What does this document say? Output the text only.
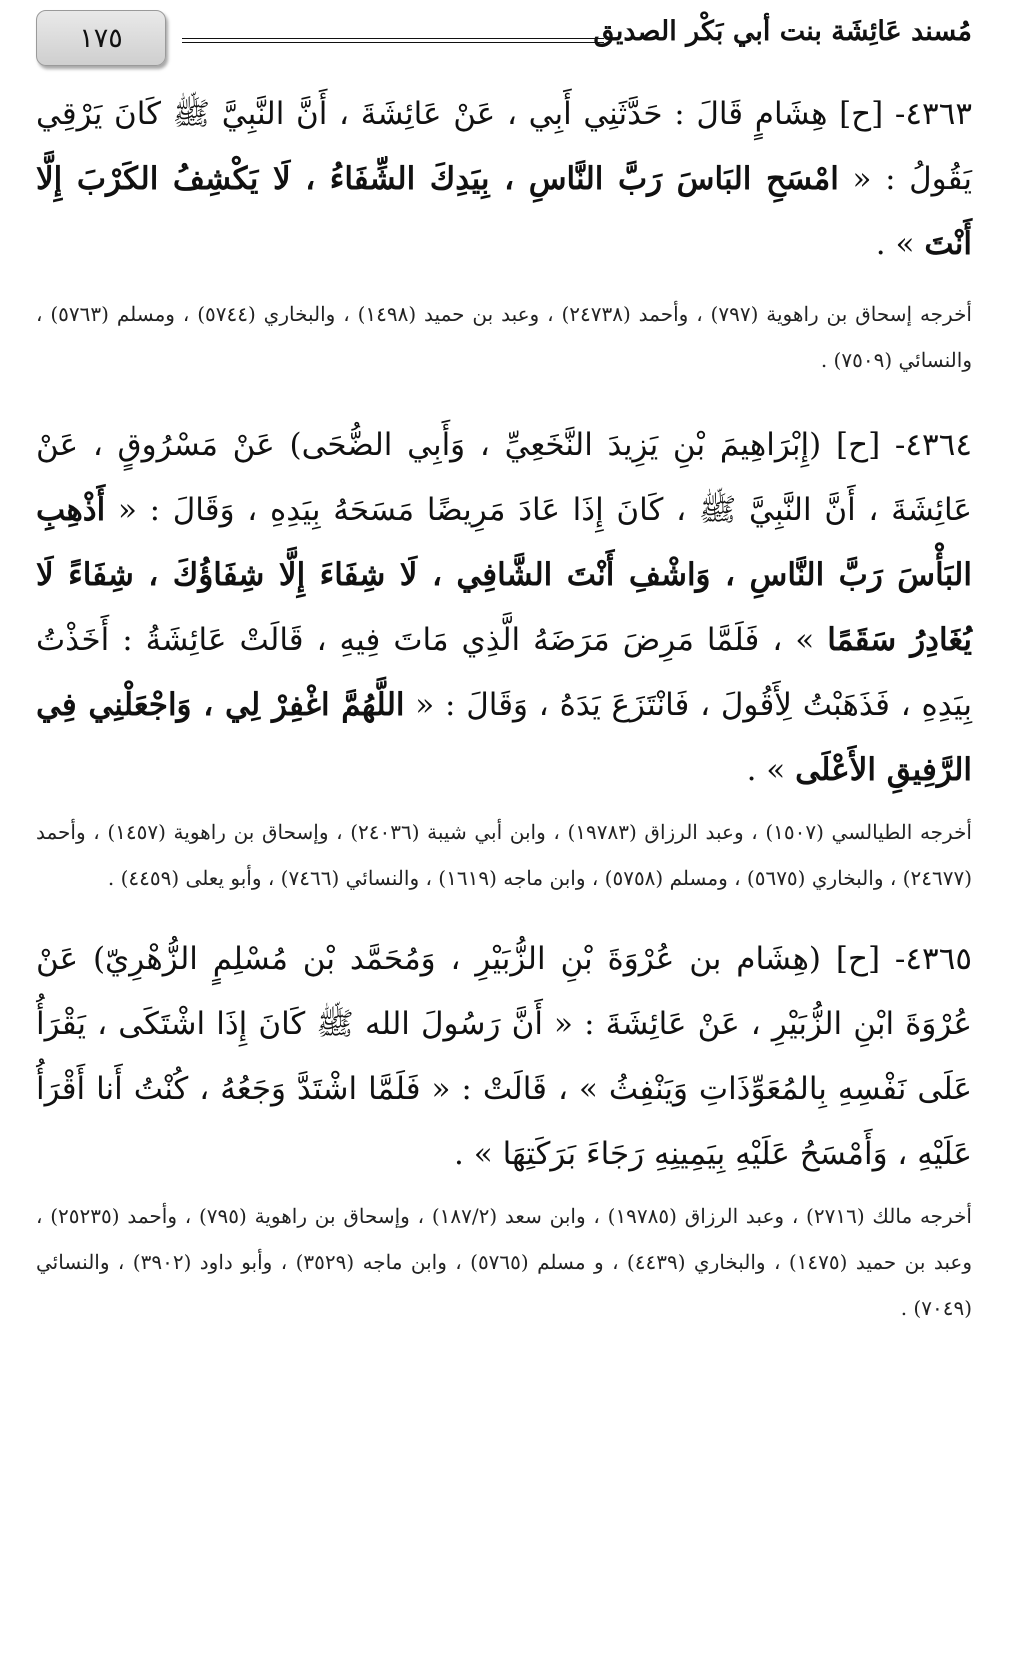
١٧٥	مُسند عَائِشَة بنت أبي بَكْر الصديق

٤٣٦٣- [ح] هِشَامٍ قَالَ : حَدَّثَنِي أَبِي ، عَنْ عَائِشَةَ ، أَنَّ النَّبِيَّ ﷺ كَانَ يَرْقِي يَقُولُ : « امْسَحِ البَاسَ رَبَّ النَّاسِ ، بِيَدِكَ الشِّفَاءُ ، لَا يَكْشِفُ الكَرْبَ إِلَّا أَنْتَ » .

أخرجه إسحاق بن راهوية (٧٩٧) ، وأحمد (٢٤٧٣٨) ، وعبد بن حميد (١٤٩٨) ، والبخاري (٥٧٤٤) ، ومسلم (٥٧٦٣) ، والنسائي (٧٥٠٩) .

٤٣٦٤- [ح] (إِبْرَاهِيمَ بْنِ يَزِيدَ النَّخَعِيِّ ، وَأَبِي الضُّحَى) عَنْ مَسْرُوقٍ ، عَنْ عَائِشَةَ ، أَنَّ النَّبِيَّ ﷺ ، كَانَ إِذَا عَادَ مَرِيضًا مَسَحَهُ بِيَدِهِ ، وَقَالَ : « أَذْهِبِ البَأْسَ رَبَّ النَّاسِ ، وَاشْفِ أَنْتَ الشَّافِي ، لَا شِفَاءَ إِلَّا شِفَاؤُكَ ، شِفَاءً لَا يُغَادِرُ سَقَمًا » ، فَلَمَّا مَرِضَ مَرَضَهُ الَّذِي مَاتَ فِيهِ ، قَالَتْ عَائِشَةُ : أَخَذْتُ بِيَدِهِ ، فَذَهَبْتُ لِأَقُولَ ، فَانْتَزَعَ يَدَهُ ، وَقَالَ : « اللَّهُمَّ اغْفِرْ لِي ، وَاجْعَلْنِي فِي الرَّفِيقِ الأَعْلَى » .

أخرجه الطيالسي (١٥٠٧) ، وعبد الرزاق (١٩٧٨٣) ، وابن أبي شيبة (٢٤٠٣٦) ، وإسحاق بن راهوية (١٤٥٧) ، وأحمد (٢٤٦٧٧) ، والبخاري (٥٦٧٥) ، ومسلم (٥٧٥٨) ، وابن ماجه (١٦١٩) ، والنسائي (٧٤٦٦) ، وأبو يعلى (٤٤٥٩) .

٤٣٦٥- [ح] (هِشَام بن عُرْوَةَ بْنِ الزُّبَيْرِ ، وَمُحَمَّد بْن مُسْلِمٍ الزُّهْرِيّ) عَنْ عُرْوَةَ ابْنِ الزُّبَيْرِ ، عَنْ عَائِشَةَ : « أَنَّ رَسُولَ الله ﷺ كَانَ إِذَا اشْتَكَى ، يَقْرَأُ عَلَى نَفْسِهِ بِالمُعَوِّذَاتِ وَيَنْفِثُ » ، قَالَتْ : « فَلَمَّا اشْتَدَّ وَجَعُهُ ، كُنْتُ أَنا أَقْرَأُ عَلَيْهِ ، وَأَمْسَحُ عَلَيْهِ بِيَمِينِهِ رَجَاءَ بَرَكَتِهَا » .

أخرجه مالك (٢٧١٦) ، وعبد الرزاق (١٩٧٨٥) ، وابن سعد (١٨٧/٢) ، وإسحاق بن راهوية (٧٩٥) ، وأحمد (٢٥٢٣٥) ، وعبد بن حميد (١٤٧٥) ، والبخاري (٤٤٣٩) ، و مسلم (٥٧٦٥) ، وابن ماجه (٣٥٢٩) ، وأبو داود (٣٩٠٢) ، والنسائي (٧٠٤٩) .
